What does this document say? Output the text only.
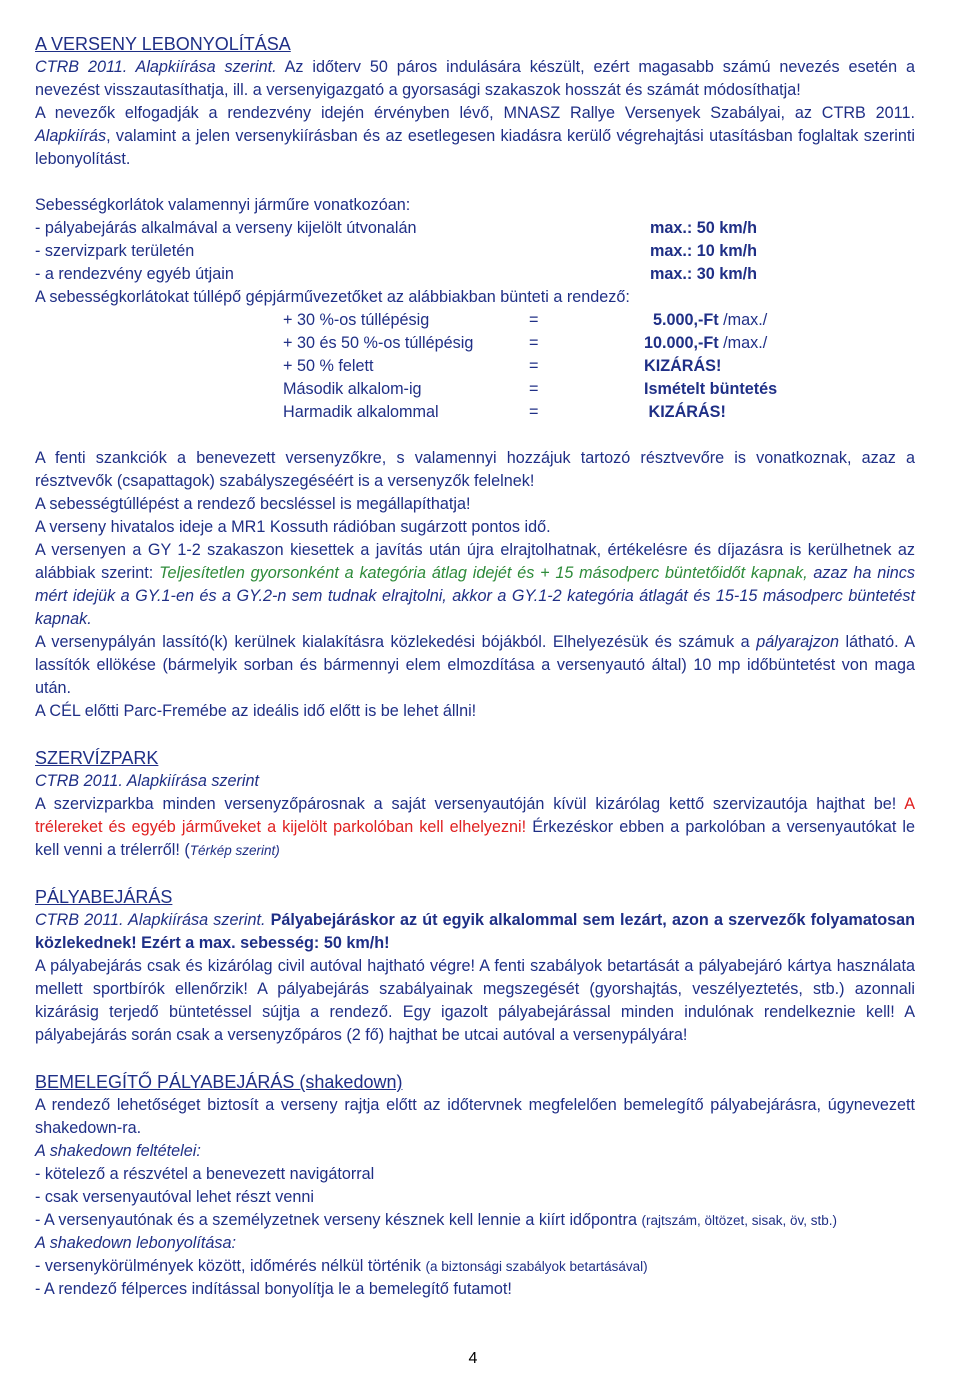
A VERSENY LEBONYOLÍTÁSA
CTRB 2011. Alapkiírása szerint. Az időterv 50 páros indulására készült, ezért magasabb számú nevezés esetén a nevezést visszautasíthatja, ill. a versenyigazgató a gyorsasági szakaszok hosszát és számát módosíthatja!
A nevezők elfogadják a rendezvény idején érvényben lévő, MNASZ Rallye Versenyek Szabályai, az CTRB 2011. Alapkiírás, valamint a jelen versenykiírásban és az esetlegesen kiadásra kerülő végrehajtási utasításban foglaltak szerinti lebonyolítást.
Sebességkorlátok valamennyi járműre vonatkozóan:
- pályabejárás alkalmával a verseny kijelölt útvonalán	max.: 50 km/h
- szervizpark területén	max.: 10 km/h
- a rendezvény egyéb útjain	max.: 30 km/h
A sebességkorlátokat túllépő gépjárművezetőket az alábbiakban bünteti a rendező:
+ 30 %-os túllépésig	=	5.000,-Ft /max./
+ 30 és 50 %-os túllépésig	=	10.000,-Ft /max./
+ 50 % felett	=	KIZÁRÁS!
Második alkalom-ig	=	Ismételt büntetés
Harmadik alkalommal	=	KIZÁRÁS!
A fenti szankciók a benevezett versenyzőkre, s valamennyi hozzájuk tartozó résztvevőre is vonatkoznak, azaz a résztvevők (csapattagok) szabályszegéséért is a versenyzők felelnek!
A sebességtúllépést a rendező becsléssel is megállapíthatja!
A verseny hivatalos ideje a MR1 Kossuth rádióban sugárzott pontos idő.
A versenyen a GY 1-2 szakaszon kiesettek a javítás után újra elrajtolhatnak, értékelésre és díjazásra is kerülhetnek az alábbiak szerint: Teljesítetlen gyorsonként a kategória átlag idejét és + 15 másodperc büntetőidőt kapnak, azaz ha nincs mért idejük a GY.1-en és a GY.2-n sem tudnak elrajtolni, akkor a GY.1-2 kategória átlagát és 15-15 másodperc büntetést kapnak.
A versenypályán lassító(k) kerülnek kialakításra közlekedési bójákból. Elhelyezésük és számuk a pályarajzon látható. A lassítók ellökése (bármelyik sorban és bármennyi elem elmozdítása a versenyautó által) 10 mp időbüntetést von maga után.
A CÉL előtti Parc-Fremébe az ideális idő előtt is be lehet állni!
SZERVÍZPARK
CTRB 2011. Alapkiírása szerint
A szervizparkba minden versenyzőpárosnak a saját versenyautóján kívül kizárólag kettő szervizautója hajthat be! A trélereket és egyéb járműveket a kijelölt parkolóban kell elhelyezni! Érkezéskor ebben a parkolóban a versenyautókat le kell venni a trélerről! (Térkép szerint)
PÁLYABEJÁRÁS
CTRB 2011. Alapkiírása szerint. Pályabejáráskor az út egyik alkalommal sem lezárt, azon a szervezők folyamatosan közlekednek! Ezért a max. sebesség: 50 km/h!
A pályabejárás csak és kizárólag civil autóval hajtható végre! A fenti szabályok betartását a pályabejáró kártya használata mellett sportbírók ellenőrzik! A pályabejárás szabályainak megszegését (gyorshajtás, veszélyeztetés, stb.) azonnali kizárásig terjedő büntetéssel sújtja a rendező. Egy igazolt pályabejárással minden indulónak rendelkeznie kell! A pályabejárás során csak a versenyzőpáros (2 fő) hajthat be utcai autóval a versenypályára!
BEMELEGÍTŐ PÁLYABEJÁRÁS (shakedown)
A rendező lehetőséget biztosít a verseny rajtja előtt az időtervnek megfelelően bemelegítő pályabejárásra, úgynevezett shakedown-ra.
A shakedown feltételei:
- kötelező a részvétel a benevezett navigátorral
- csak versenyautóval lehet részt venni
- A versenyautónak és a személyzetnek verseny késznek kell lennie a kiírt időpontra (rajtszám, öltözet, sisak, öv, stb.)
A shakedown lebonyolítása:
- versenykörülmények között, időmérés nélkül történik (a biztonsági szabályok betartásával)
- A rendező félperces indítással bonyolítja le a bemelegítő futamot!
4
